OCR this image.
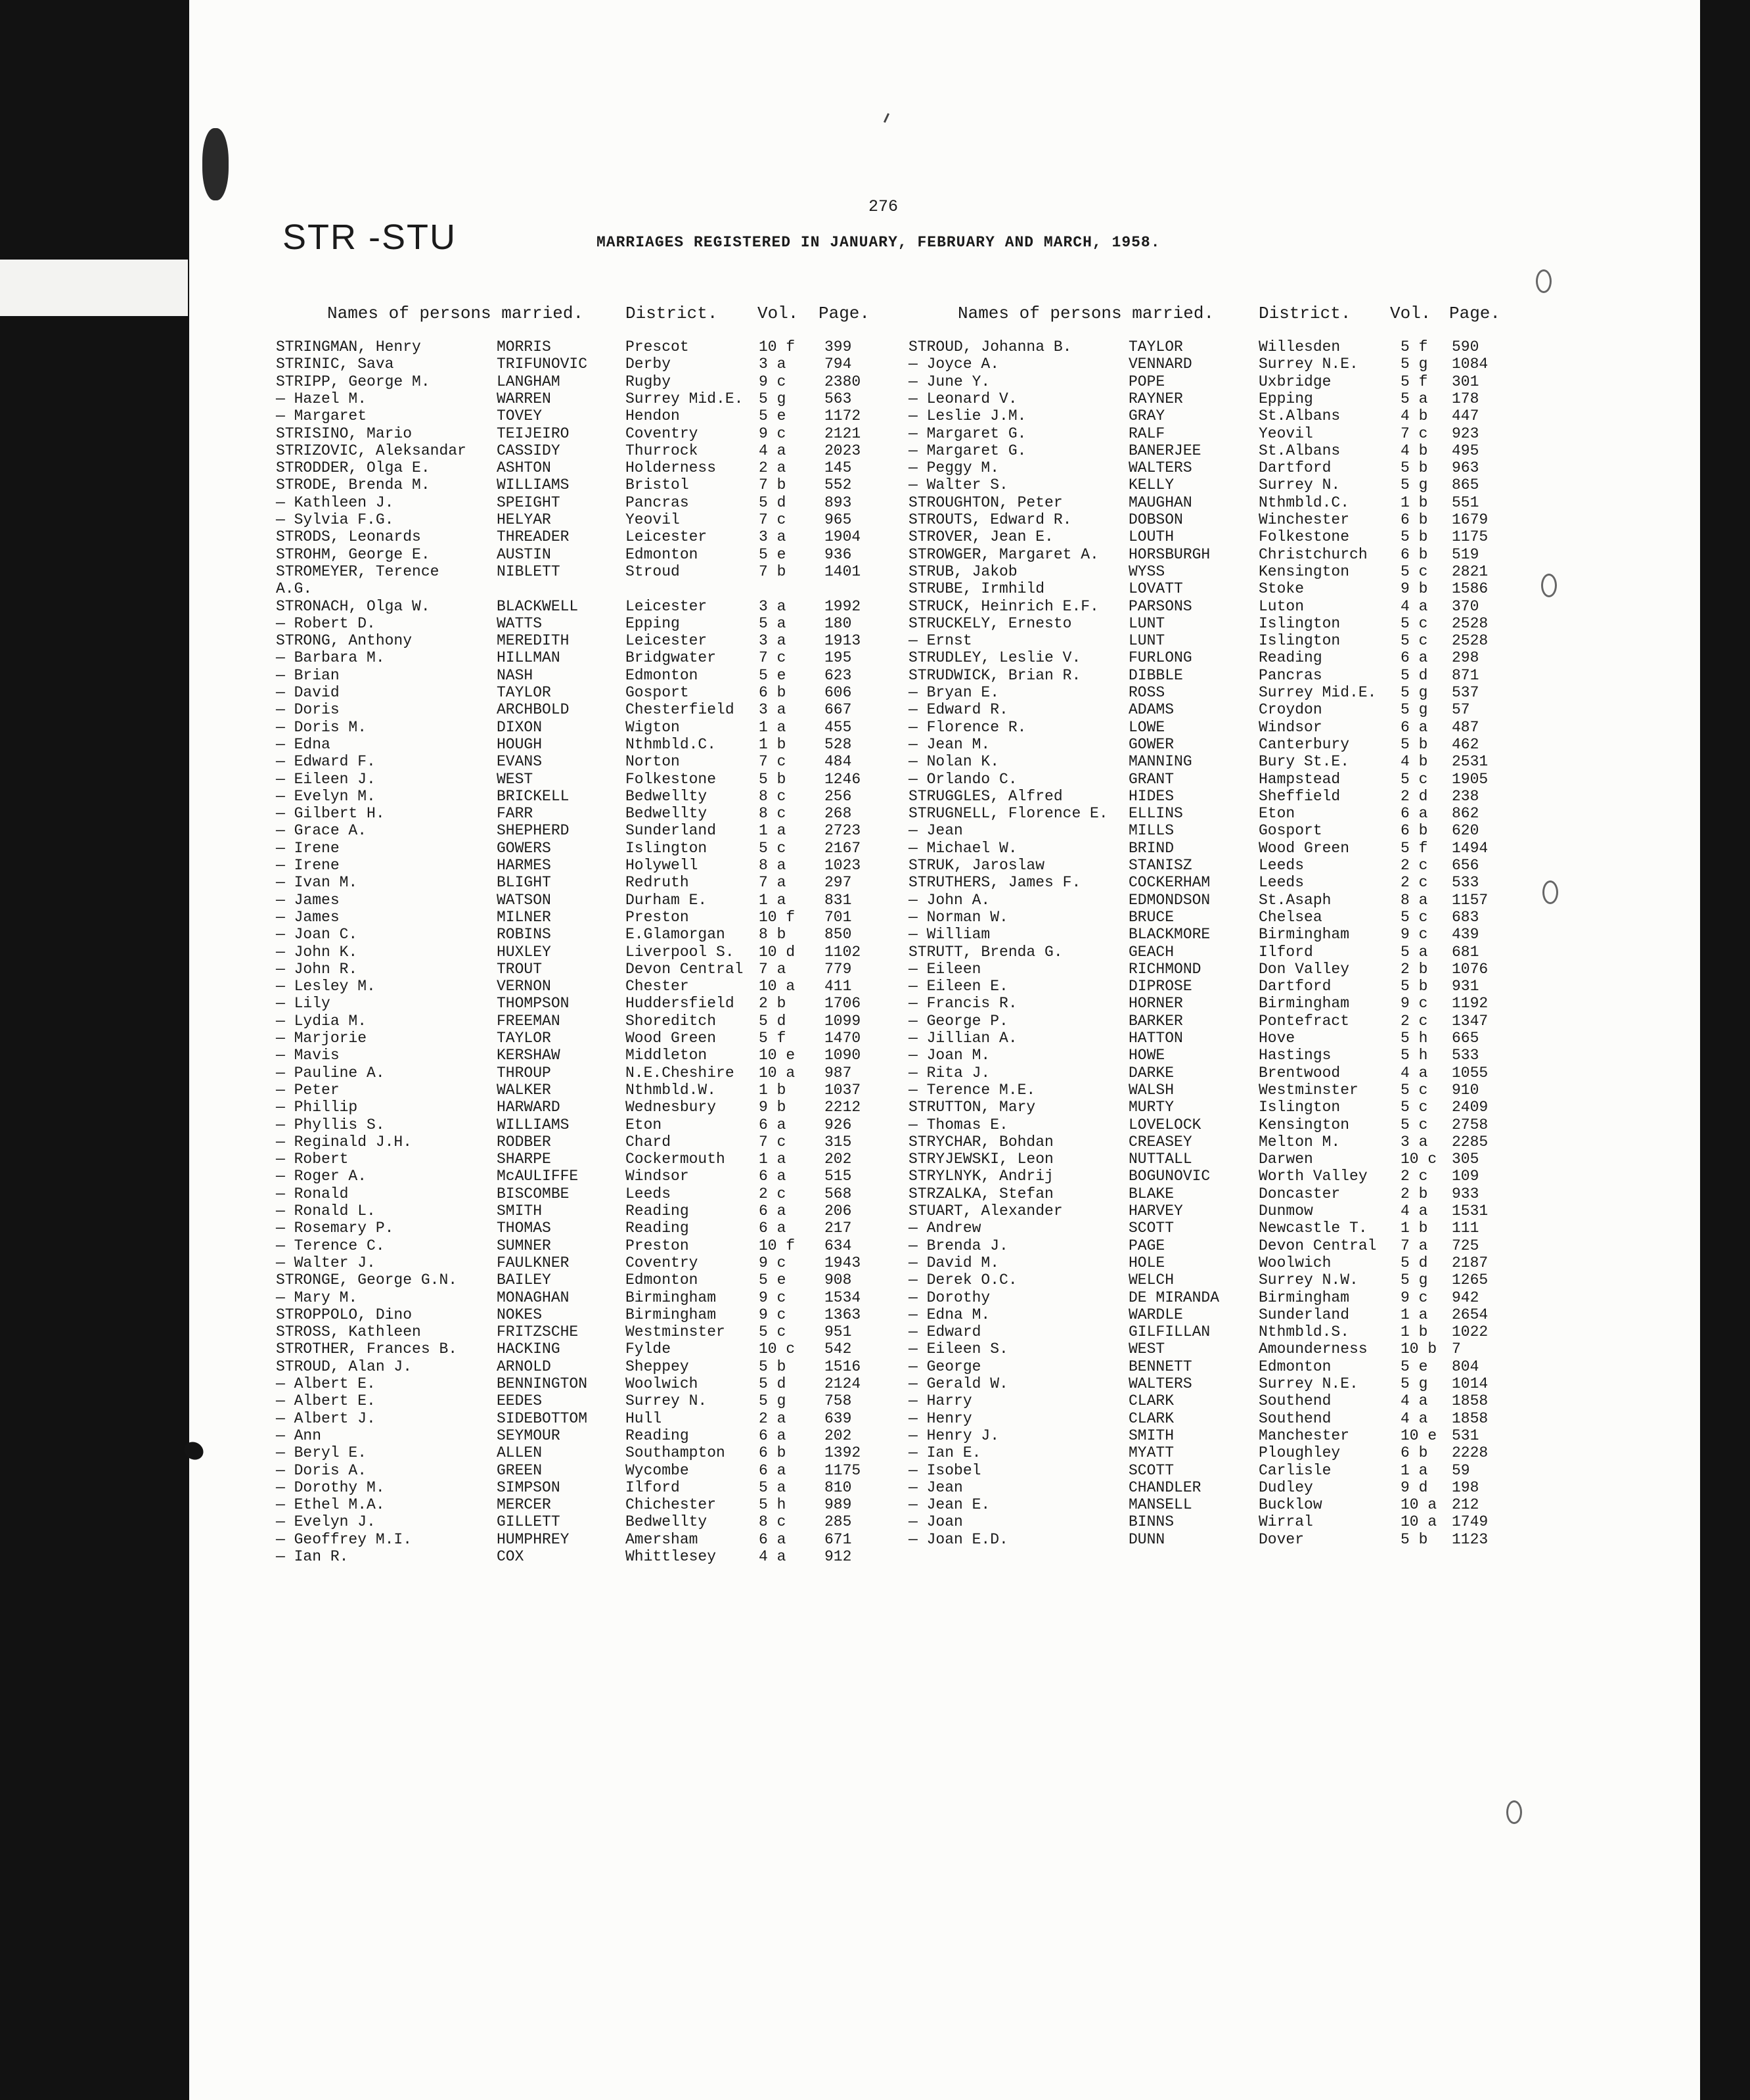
STR -STU
276
MARRIAGES REGISTERED IN JANUARY, FEBRUARY AND MARCH, 1958.
Names of persons married. District. Vol. Page.	Names of persons married.	District. Vol. Page.
STRINGMAN, Henry	MORRIS	Prescot	10 f 399
STRINIC, Sava	TRIFUNOVIC	Derby	3 a	794
STRIPP, George M.	LANGHAM	Rugby	9 c	2380
— Hazel M.	WARREN	Surrey Mid.E. 5 g	563
— Margaret	TOVEY	Hendon	5 e	1172
STRISINO, Mario	TEIJEIRO	Coventry	9 c	2121
STRIZOVIC, Aleksandar CASSIDY	Thurrock	4 a	2023
STRODDER, Olga E.	ASHTON	Holderness	2 a	145
STRODE, Brenda M.	WILLIAMS	Bristol	7 b	552
— Kathleen J.	SPEIGHT	Pancras	5 d	893
— Sylvia F.G.	HELYAR	Yeovil	7 c	965
STRODS, Leonards	THREADER	Leicester	3 a	1904
STROHM, George E.	AUSTIN	Edmonton	5 e	936
STROMEYER, Terence	NIBLETT	Stroud	7 b	1401
A.G.
STRONACH, Olga W.	BLACKWELL	Leicester	3 a	1992
— Robert D.	WATTS	Epping	5 a	180
STRONG, Anthony	MEREDITH	Leicester	3 a	1913
— Barbara M.	HILLMAN	Bridgwater	7 c	195
— Brian	NASH	Edmonton	5 e	623
— David	TAYLOR	Gosport	6 b	606
— Doris	ARCHBOLD	Chesterfield 3 a	667
— Doris M.	DIXON	Wigton	1 a	455
— Edna	HOUGH	Nthmbld.C.	1 b	528
— Edward F.	EVANS	Norton	7 c	484
— Eileen J.	WEST	Folkestone	5 b	1246
— Evelyn M.	BRICKELL	Bedwellty	8 c	256
— Gilbert H.	FARR	Bedwellty	8 c	268
— Grace A.	SHEPHERD	Sunderland	1 a	2723
— Irene	GOWERS	Islington	5 c	2167
— Irene	HARMES	Holywell	8 a	1023
— Ivan M.	BLIGHT	Redruth	7 a	297
— James	WATSON	Durham E.	1 a	831
— James	MILNER	Preston	10 f 701
— Joan C.	ROBINS	E.Glamorgan 8 b	850
— John K.	HUXLEY	Liverpool S. 10 d 1102
— John R.	TROUT	Devon Central 7 a	779
— Lesley M.	VERNON	Chester	10 a 411
— Lily	THOMPSON	Huddersfield 2 b	1706
— Lydia M.	FREEMAN	Shoreditch	5 d	1099
— Marjorie	TAYLOR	Wood Green	5 f	1470
— Mavis	KERSHAW	Middleton	10 e 1090
— Pauline A.	THROUP	N.E.Cheshire 10 a 987
— Peter	WALKER	Nthmbld.W.	1 b	1037
— Phillip	HARWARD	Wednesbury	9 b	2212
— Phyllis S.	WILLIAMS	Eton	6 a	926
— Reginald J.H.	RODBER	Chard	7 c	315
— Robert	SHARPE	Cockermouth 1 a	202
— Roger A.	McAULIFFE	Windsor	6 a	515
— Ronald	BISCOMBE	Leeds	2 c	568
— Ronald L.	SMITH	Reading	6 a	206
— Rosemary P.	THOMAS	Reading	6 a	217
— Terence C.	SUMNER	Preston	10 f 634
— Walter J.	FAULKNER	Coventry	9 c	1943
STRONGE, George G.N.	BAILEY	Edmonton	5 e	908
— Mary M.	MONAGHAN	Birmingham	9 c	1534
STROPPOLO, Dino	NOKES	Birmingham	9 c	1363
STROSS, Kathleen	FRITZSCHE	Westminster 5 c	951
STROTHER, Frances B.	HACKING	Fylde	10 c 542
STROUD, Alan J.	ARNOLD	Sheppey	5 b	1516
— Albert E.	BENNINGTON	Woolwich	5 d	2124
— Albert E.	EEDES	Surrey N.	5 g	758
— Albert J.	SIDEBOTTOM	Hull	2 a	639
— Ann	SEYMOUR	Reading	6 a	202
— Beryl E.	ALLEN	Southampton 6 b	1392
— Doris A.	GREEN	Wycombe	6 a	1175
— Dorothy M.	SIMPSON	Ilford	5 a	810
— Ethel M.A.	MERCER	Chichester	5 h	989
— Evelyn J.	GILLETT	Bedwellty	8 c	285
— Geoffrey M.I.	HUMPHREY	Amersham	6 a	671
— Ian R.	COX	Whittlesey	4 a	912
STROUD, Johanna B.	TAYLOR	Willesden	5 f 590
— Joyce A.	VENNARD	Surrey N.E.	5 g 1084
— June Y.	POPE	Uxbridge	5 f 301
— Leonard V.	RAYNER	Epping	5 a 178
— Leslie J.M.	GRAY	St.Albans	4 b 447
— Margaret G.	RALF	Yeovil	7 c 923
— Margaret G.	BANERJEE	St.Albans	4 b 495
— Peggy M.	WALTERS	Dartford	5 b 963
— Walter S.	KELLY	Surrey N.	5 g 865
STROUGHTON, Peter	MAUGHAN	Nthmbld.C.	1 b 551
STROUTS, Edward R.	DOBSON	Winchester	6 b 1679
STROVER, Jean E.	LOUTH	Folkestone	5 b 1175
STROWGER, Margaret A. HORSBURGH	Christchurch 6 b 519
STRUB, Jakob	WYSS	Kensington	5 c 2821
STRUBE, Irmhild	LOVATT	Stoke	9 b 1586
STRUCK, Heinrich E.F. PARSONS	Luton	4 a 370
STRUCKELY, Ernesto	LUNT	Islington	5 c 2528
— Ernst	LUNT	Islington	5 c 2528
STRUDLEY, Leslie V.	FURLONG	Reading	6 a 298
STRUDWICK, Brian R.	DIBBLE	Pancras	5 d 871
— Bryan E.	ROSS	Surrey Mid.E. 5 g 537
— Edward R.	ADAMS	Croydon	5 g 57
— Florence R.	LOWE	Windsor	6 a 487
— Jean M.	GOWER	Canterbury	5 b 462
— Nolan K.	MANNING	Bury St.E.	4 b 2531
— Orlando C.	GRANT	Hampstead	5 c 1905
STRUGGLES, Alfred	HIDES	Sheffield	2 d 238
STRUGNELL, Florence E. ELLINS	Eton	6 a 862
— Jean	MILLS	Gosport	6 b 620
— Michael W.	BRIND	Wood Green	5 f 1494
STRUK, Jaroslaw	STANISZ	Leeds	2 c 656
STRUTHERS, James F.	COCKERHAM	Leeds	2 c 533
— John A.	EDMONDSON	St.Asaph	8 a 1157
— Norman W.	BRUCE	Chelsea	5 c 683
— William	BLACKMORE	Birmingham	9 c 439
STRUTT, Brenda G.	GEACH	Ilford	5 a 681
— Eileen	RICHMOND	Don Valley	2 b 1076
— Eileen E.	DIPROSE	Dartford	5 b 931
— Francis R.	HORNER	Birmingham	9 c 1192
— George P.	BARKER	Pontefract	2 c 1347
— Jillian A.	HATTON	Hove	5 h 665
— Joan M.	HOWE	Hastings	5 h 533
— Rita J.	DARKE	Brentwood	4 a 1055
— Terence M.E.	WALSH	Westminster	5 c 910
STRUTTON, Mary	MURTY	Islington	5 c 2409
— Thomas E.	LOVELOCK	Kensington	5 c 2758
STRYCHAR, Bohdan	CREASEY	Melton M.	3 a 2285
STRYJEWSKI, Leon	NUTTALL	Darwen	10 c 305
STRYLNYK, Andrij	BOGUNOVIC	Worth Valley 2 c 109
STRZALKA, Stefan	BLAKE	Doncaster	2 b 933
STUART, Alexander	HARVEY	Dunmow	4 a 1531
— Andrew	SCOTT	Newcastle T. 1 b 111
— Brenda J.	PAGE	Devon Central 7 a 725
— David M.	HOLE	Woolwich	5 d 2187
— Derek O.C.	WELCH	Surrey N.W.	5 g 1265
— Dorothy	DE MIRANDA	Birmingham	9 c 942
— Edna M.	WARDLE	Sunderland	1 a 2654
— Edward	GILFILLAN	Nthmbld.S.	1 b 1022
— Eileen S.	WEST	Amounderness 10 b 7
— George	BENNETT	Edmonton	5 e 804
— Gerald W.	WALTERS	Surrey N.E.	5 g 1014
— Harry	CLARK	Southend	4 a 1858
— Henry	CLARK	Southend	4 a 1858
— Henry J.	SMITH	Manchester	10 e 531
— Ian E.	MYATT	Ploughley	6 b 2228
— Isobel	SCOTT	Carlisle	1 a 59
— Jean	CHANDLER	Dudley	9 d 198
— Jean E.	MANSELL	Bucklow	10 a 212
— Joan	BINNS	Wirral	10 a 1749
— Joan E.D.	DUNN	Dover	5 b 1123
